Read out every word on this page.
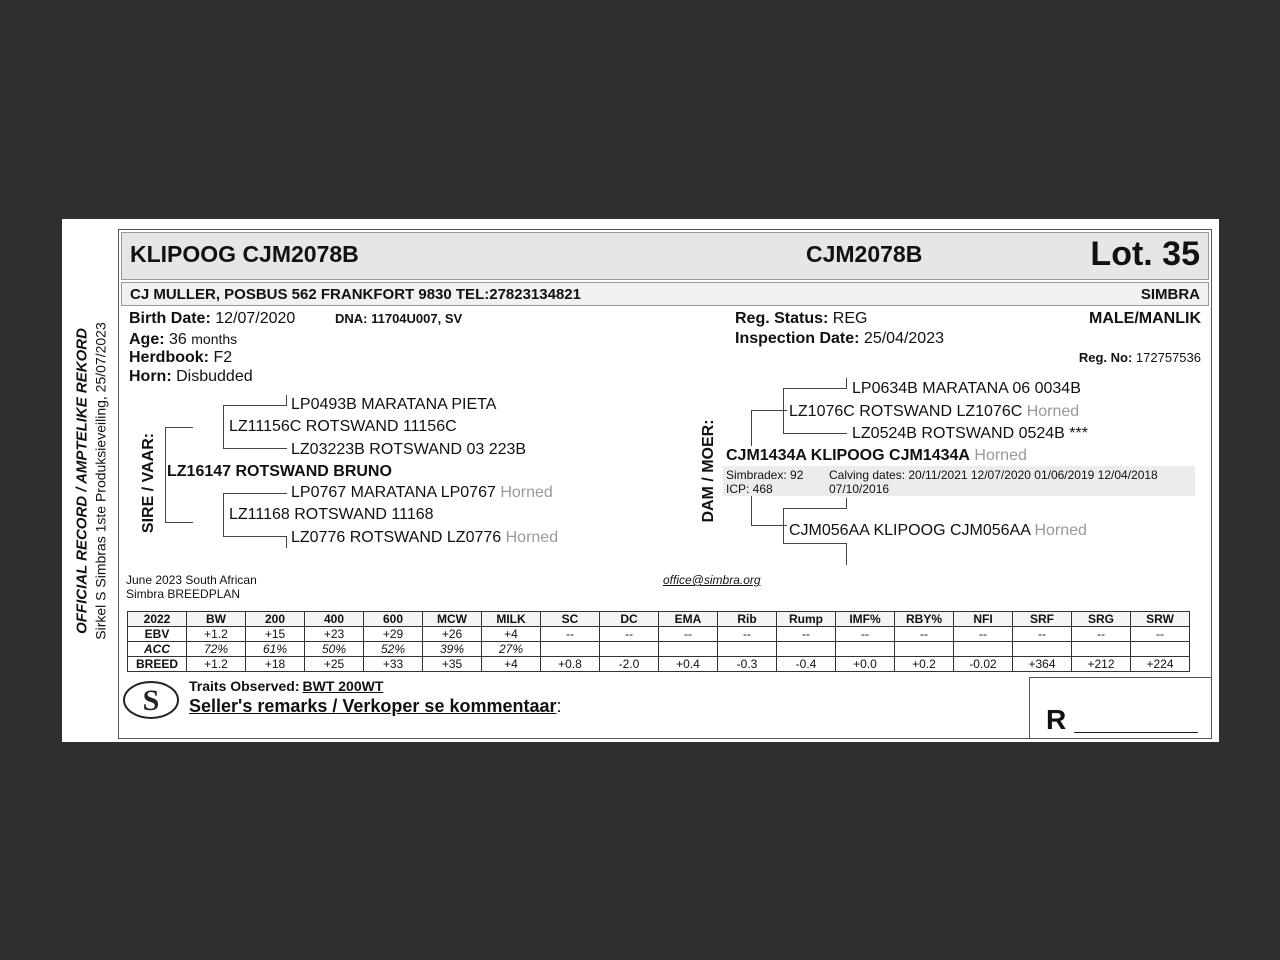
OFFICIAL RECORD / AMPTELIKE REKORD Sirkel S Simbras 1ste Produksieveiling, 25/07/2023
KLIPOOG CJM2078B	CJM2078B	Lot. 35
CJ MULLER, POSBUS 562 FRANKFORT 9830 TEL:27823134821	SIMBRA
Birth Date: 12/07/2020	DNA: 11704U007, SV
Age: 36 months
Herdbook: F2
Horn: Disbudded
Reg. Status: REG
Inspection Date: 25/04/2023
MALE/MANLIK
Reg. No: 172757536
SIRE / VAAR: LZ16147 ROTSWAND BRUNO
LZ11156C ROTSWAND 11156C
LP0493B MARATANA PIETA
LZ03223B ROTSWAND 03 223B
LZ11168 ROTSWAND 11168
LP0767 MARATANA LP0767 Horned
LZ0776 ROTSWAND LZ0776 Horned
DAM / MOER:
LZ1076C ROTSWAND LZ1076C Horned
LP0634B MARATANA 06 0034B
LZ0524B ROTSWAND 0524B ***
CJM1434A KLIPOOG CJM1434A Horned
Simbradex: 92
ICP: 468
Calving dates: 20/11/2021 12/07/2020 01/06/2019 12/04/2018
07/10/2016
CJM056AA KLIPOOG CJM056AA Horned
June 2023 South African
Simbra BREEDPLAN
office@simbra.org
2022	BW	200	400	600	MCW	MILK	SC	DC	EMA	Rib	Rump	IMF%	RBY%	NFI	SRF	SRG	SRW
EBV	+1.2	+15	+23	+29	+26	+4	--	--	--	--	--	--	--	--	--	--	--
ACC	72%	61%	50%	52%	39%	27%											
BREED	+1.2	+18	+25	+33	+35	+4	+0.8	-2.0	+0.4	-0.3	-0.4	+0.0	+0.2	-0.02	+364	+212	+224
S Traits Observed: BWT 200WT
Seller's remarks / Verkoper se kommentaar:	R
